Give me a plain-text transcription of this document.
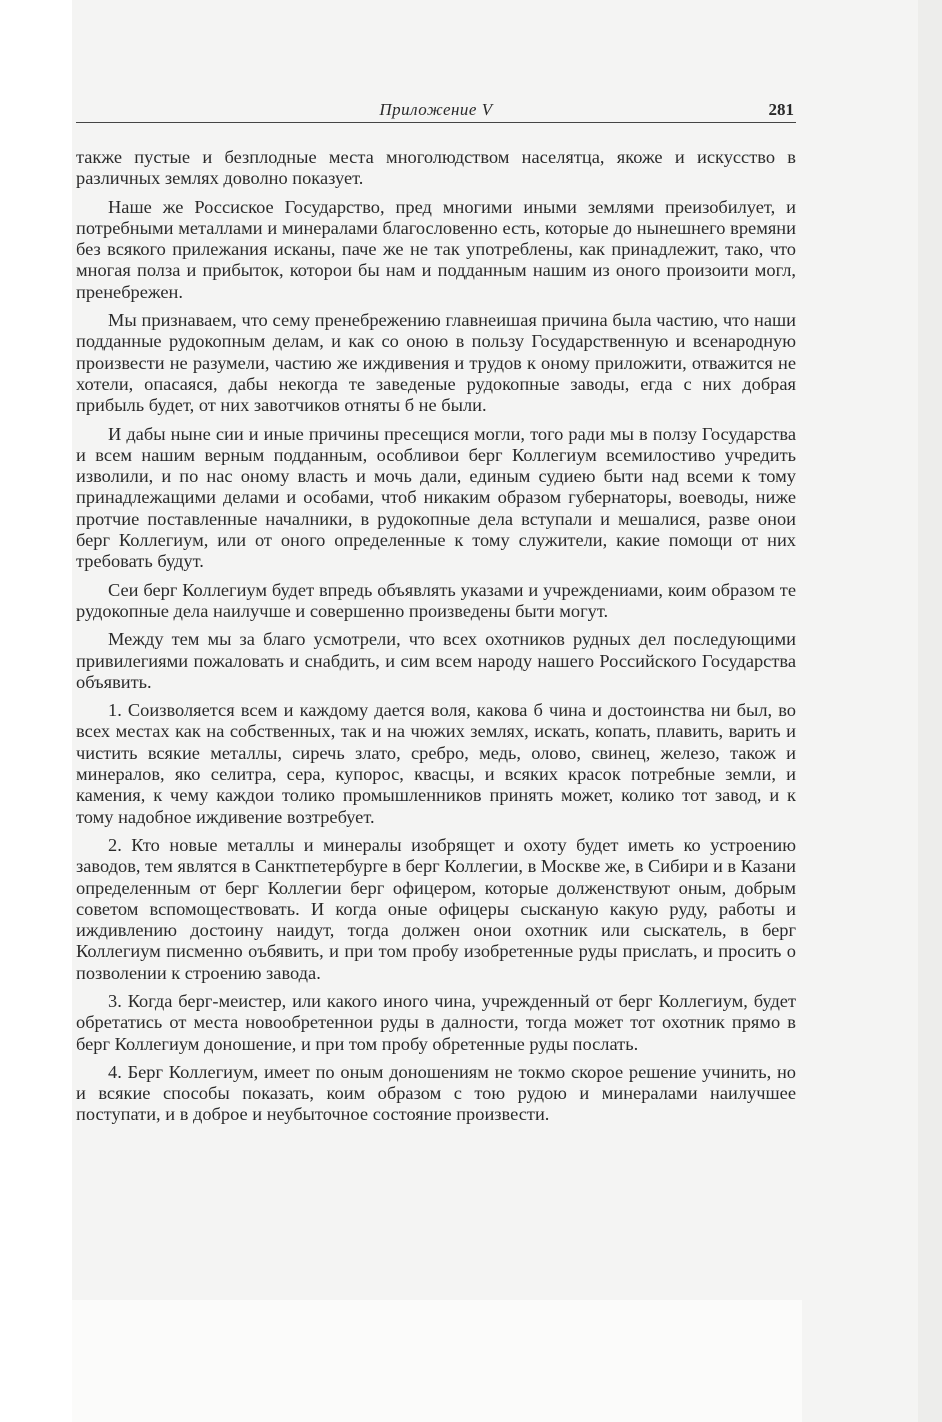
Приложение V	281

также пустые и безплодные места многолюдством населятца, якоже и искусство в различных землях доволно показует.

Наше же Россиское Государство, пред многими иными землями преизобилует, и потребными металлами и минералами благословенно есть, которые до нынешнего времяни без всякого прилежания исканы, паче же не так употреблены, как принадлежит, тако, что многая полза и прибыток, которои бы нам и подданным нашим из оного произоити могл, пренебрежен.

Мы признаваем, что сему пренебрежению главнеишая причина была частию, что наши подданные рудокопным делам, и как со оною в пользу Государственную и всенародную произвести не разумели, частию же иждивения и трудов к оному приложити, отважится не хотели, опасаяся, дабы некогда те заведеные рудокопные заводы, егда с них добрая прибыль будет, от них завотчиков отняты б не были.

И дабы ныне сии и иные причины пресещися могли, того ради мы в ползу Государства и всем нашим верным подданным, особливои берг Коллегиум всемилостиво учредить изволили, и по нас оному власть и мочь дали, единым судиею быти над всеми к тому принадлежащими делами и особами, чтоб никаким образом губернаторы, воеводы, ниже протчие поставленные началники, в рудокопные дела вступали и мешалися, разве онои берг Коллегиум, или от оного определенные к тому служители, какие помощи от них требовать будут.

Сеи берг Коллегиум будет впредь объявлять указами и учреждениами, коим образом те рудокопные дела наилучше и совершенно произведены быти могут.

Между тем мы за благо усмотрели, что всех охотников рудных дел последующими привилегиями пожаловать и снабдить, и сим всем народу нашего Российского Государства объявить.

1. Соизволяется всем и каждому дается воля, какова б чина и достоинства ни был, во всех местах как на собственных, так и на чюжих землях, искать, копать, плавить, варить и чистить всякие металлы, сиречь злато, сребро, медь, олово, свинец, железо, також и минералов, яко селитра, сера, купорос, квасцы, и всяких красок потребные земли, и камения, к чему каждои толико промышленников принять может, колико тот завод, и к тому надобное иждивение возтребует.

2. Кто новые металлы и минералы изобрящет и охоту будет иметь ко устроению заводов, тем являтся в Санктпетербурге в берг Коллегии, в Москве же, в Сибири и в Казани определенным от берг Коллегии берг офицером, которые долженствуют оным, добрым советом вспомоществовать. И когда оные офицеры сысканую какую руду, работы и иждивлению достоину наидут, тогда должен онои охотник или сыскатель, в берг Коллегиум писменно оъбявить, и при том пробу изобретенные руды прислать, и просить о позволении к строению завода.

3. Когда берг-меистер, или какого иного чина, учрежденный от берг Коллегиум, будет обретатись от места новообретеннои руды в далности, тогда может тот охотник прямо в берг Коллегиум доношение, и при том пробу обретенные руды послать.

4. Берг Коллегиум, имеет по оным доношениям не токмо скорое решение учинить, но и всякие способы показать, коим образом с тою рудою и минералами наилучшее поступати, и в доброе и неубыточное состояние произвести.
